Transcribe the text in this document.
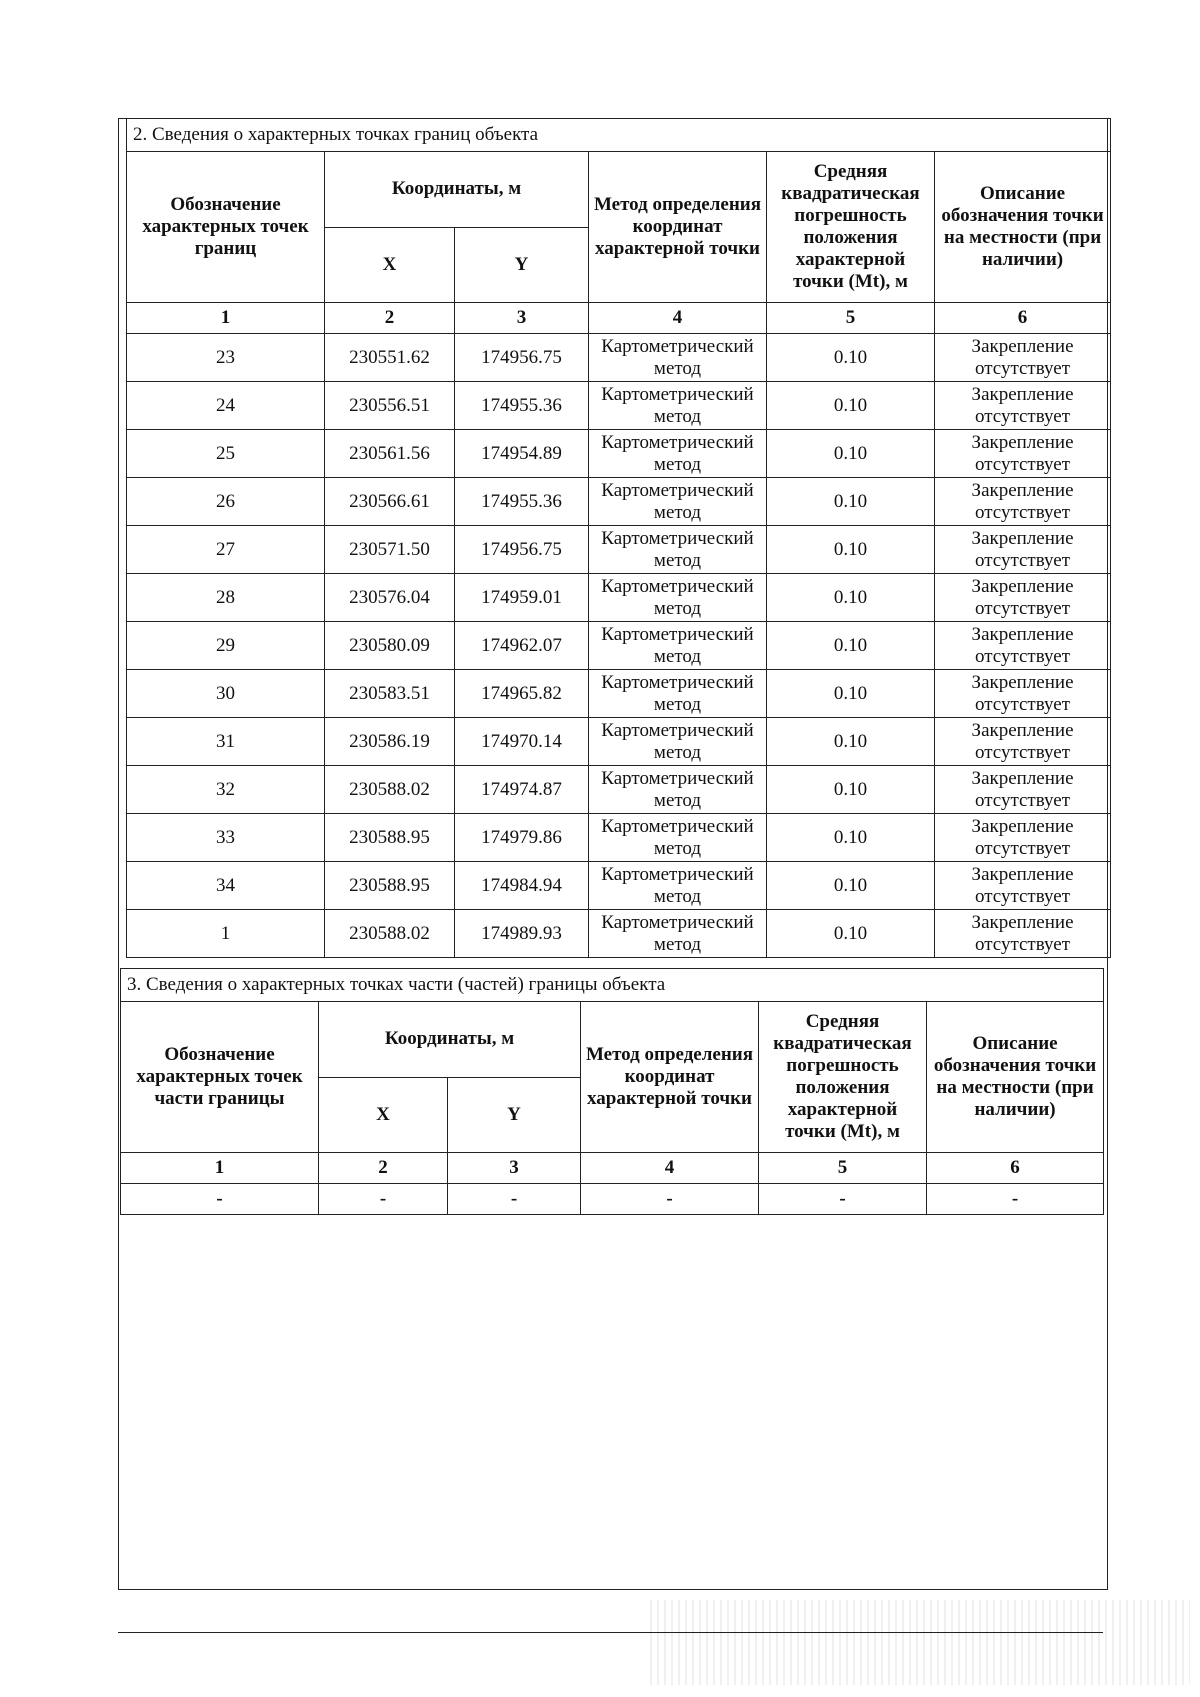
2. Сведения о характерных точках границ объекта					
Обозначение характерных точек границ	Координаты, м		Метод определения координат характерной точки	Средняя квадратическая погрешность положения характерной точки (Mt), м	Описание обозначения точки на местности (при наличии)
	X	Y			
1	2	3	4	5	6
23	230551.62	174956.75	Картометрический метод	0.10	Закрепление отсутствует
24	230556.51	174955.36	Картометрический метод	0.10	Закрепление отсутствует
25	230561.56	174954.89	Картометрический метод	0.10	Закрепление отсутствует
26	230566.61	174955.36	Картометрический метод	0.10	Закрепление отсутствует
27	230571.50	174956.75	Картометрический метод	0.10	Закрепление отсутствует
28	230576.04	174959.01	Картометрический метод	0.10	Закрепление отсутствует
29	230580.09	174962.07	Картометрический метод	0.10	Закрепление отсутствует
30	230583.51	174965.82	Картометрический метод	0.10	Закрепление отсутствует
31	230586.19	174970.14	Картометрический метод	0.10	Закрепление отсутствует
32	230588.02	174974.87	Картометрический метод	0.10	Закрепление отсутствует
33	230588.95	174979.86	Картометрический метод	0.10	Закрепление отсутствует
34	230588.95	174984.94	Картометрический метод	0.10	Закрепление отсутствует
1	230588.02	174989.93	Картометрический метод	0.10	Закрепление отсутствует
3. Сведения о характерных точках части (частей) границы объекта					
Обозначение характерных точек части границы	Координаты, м		Метод определения координат характерной точки	Средняя квадратическая погрешность положения характерной точки (Mt), м	Описание обозначения точки на местности (при наличии)
	X	Y			
1	2	3	4	5	6
-	-	-	-	-	-
